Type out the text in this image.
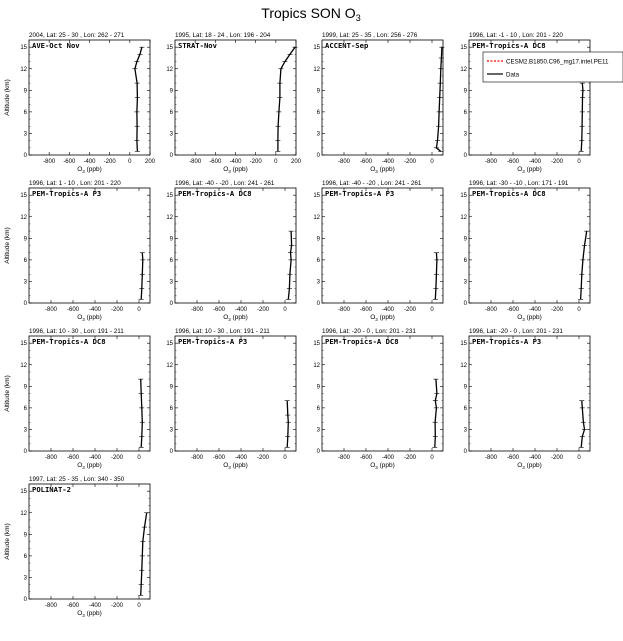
Tropics SON $O_3$
2004, Lat: 25 - 30 , Lon: 262 - 271
AVE-Oct Nov
0
3
6
9
12
15
-800 -600 -400 -200 0 200
$O_3$ (ppb)
Altitude (km)
1995, Lat: 18 - 24 , Lon: 196 - 204
STRAT-Nov
0
3
6
9
12
15
-800 -600 -400 -200 0 200
$O_3$ (ppb)
1999, Lat: 25 - 35 , Lon: 256 - 276
ACCENT-Sep
0
3
6
9
12
15
-800 -600 -400 -200 0
$O_3$ (ppb)
1996, Lat: -1 - 10 , Lon: 201 - 220
PEM-Tropics-A DC8
0
3
6
9
12
15
-800 -600 -400 -200 0
$O_3$ (ppb)
CESM2.B1850.C96_mg17.intel.PE11
Data
1996, Lat: 1 - 10 , Lon: 201 - 220
PEM-Tropics-A P3
0
3
6
9
12
15
-800 -600 -400 -200 0
$O_3$ (ppb)
Altitude (km)
1996, Lat: -40 - -20 , Lon: 241 - 261
PEM-Tropics-A DC8
0
3
6
9
12
15
-800 -600 -400 -200 0
$O_3$ (ppb)
1996, Lat: -40 - -20 , Lon: 241 - 261
PEM-Tropics-A P3
0
3
6
9
12
15
-800 -600 -400 -200 0
$O_3$ (ppb)
1996, Lat: -30 - -10 , Lon: 171 - 191
PEM-Tropics-A DC8
0
3
6
9
12
15
-800 -600 -400 -200 0
$O_3$ (ppb)
1996, Lat: 10 - 30 , Lon: 191 - 211
PEM-Tropics-A DC8
0
3
6
9
12
15
-800 -600 -400 -200 0
$O_3$ (ppb)
Altitude (km)
1996, Lat: 10 - 30 , Lon: 191 - 211
PEM-Tropics-A P3
0
3
6
9
12
15
-800 -600 -400 -200 0
$O_3$ (ppb)
1996, Lat: -20 - 0 , Lon: 201 - 231
PEM-Tropics-A DC8
0
3
6
9
12
15
-800 -600 -400 -200 0
$O_3$ (ppb)
1996, Lat: -20 - 0 , Lon: 201 - 231
PEM-Tropics-A P3
0
3
6
9
12
15
-800 -600 -400 -200 0
$O_3$ (ppb)
1997, Lat: 25 - 35 , Lon: 340 - 350
POLINAT-2
0
3
6
9
12
15
-800 -600 -400 -200 0
$O_3$ (ppb)
Altitude (km)
